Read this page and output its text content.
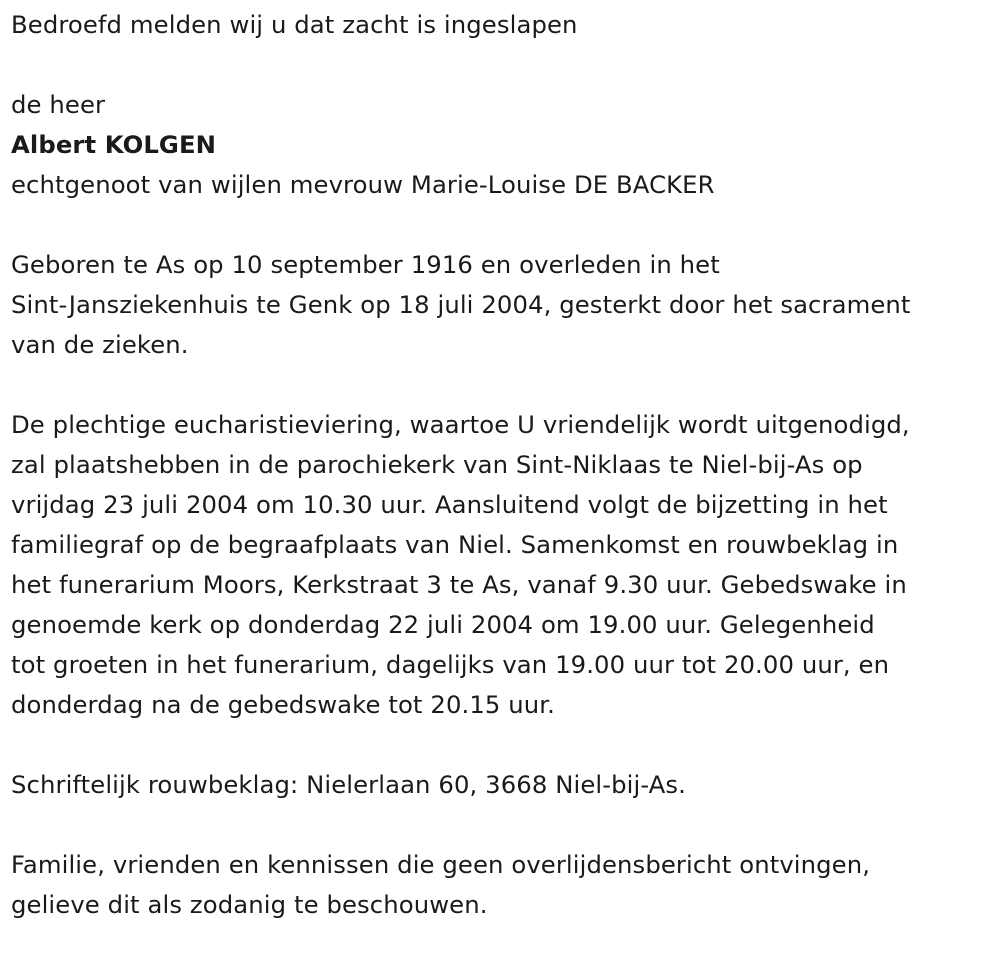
Bedroefd melden wij u dat zacht is ingeslapen

de heer

Albert KOLGEN

echtgenoot van wijlen mevrouw Marie-Louise DE BACKER

Geboren te As op 10 september 1916 en overleden in het

Sint-Jansziekenhuis te Genk op 18 juli 2004, gesterkt door het sacrament

van de zieken.

De plechtige eucharistieviering, waartoe U vriendelijk wordt uitgenodigd,

zal plaatshebben in de parochiekerk van Sint-Niklaas te Niel-bij-As op

vrijdag 23 juli 2004 om 10.30 uur. Aansluitend volgt de bijzetting in het

familiegraf op de begraafplaats van Niel. Samenkomst en rouwbeklag in

het funerarium Moors, Kerkstraat 3 te As, vanaf 9.30 uur. Gebedswake in

genoemde kerk op donderdag 22 juli 2004 om 19.00 uur. Gelegenheid

tot groeten in het funerarium, dagelijks van 19.00 uur tot 20.00 uur, en

donderdag na de gebedswake tot 20.15 uur.

Schriftelijk rouwbeklag: Nielerlaan 60, 3668 Niel-bij-As.

Familie, vrienden en kennissen die geen overlijdensbericht ontvingen,

gelieve dit als zodanig te beschouwen.
